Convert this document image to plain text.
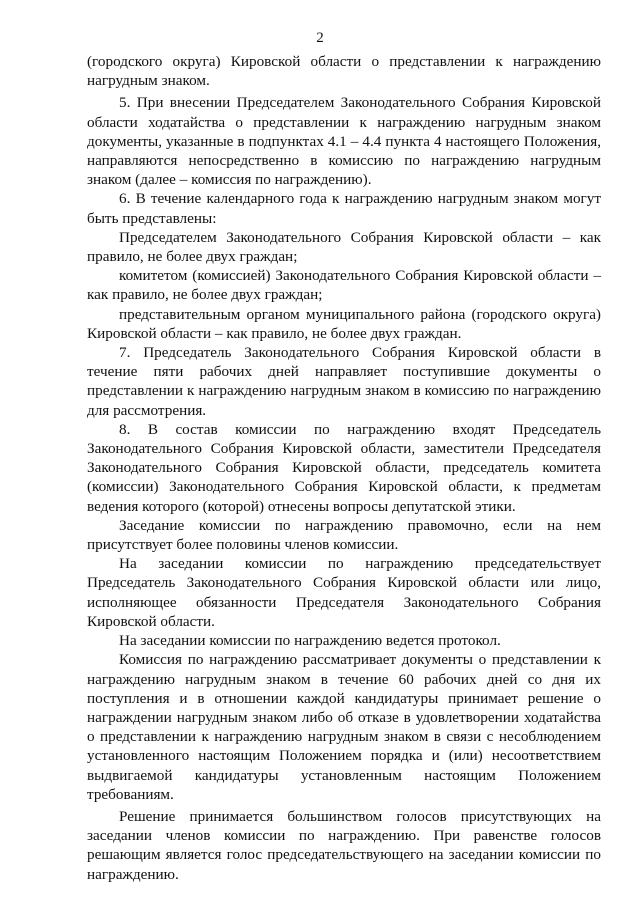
2

(городского округа) Кировской области о представлении к награждению нагрудным знаком.

5. При внесении Председателем Законодательного Собрания Кировской области ходатайства о представлении к награждению нагрудным знаком документы, указанные в подпунктах 4.1 – 4.4 пункта 4 настоящего Положения, направляются непосредственно в комиссию по награждению нагрудным знаком (далее – комиссия по награждению).

6. В течение календарного года к награждению нагрудным знаком могут быть представлены:

Председателем Законодательного Собрания Кировской области – как правило, не более двух граждан;

комитетом (комиссией) Законодательного Собрания Кировской области – как правило, не более двух граждан;

представительным органом муниципального района (городского округа) Кировской области – как правило, не более двух граждан.

7. Председатель Законодательного Собрания Кировской области в течение пяти рабочих дней направляет поступившие документы о представлении к награждению нагрудным знаком в комиссию по награждению для рассмотрения.

8. В состав комиссии по награждению входят Председатель Законодательного Собрания Кировской области, заместители Председателя Законодательного Собрания Кировской области, председатель комитета (комиссии) Законодательного Собрания Кировской области, к предметам ведения которого (которой) отнесены вопросы депутатской этики.

Заседание комиссии по награждению правомочно, если на нем присутствует более половины членов комиссии.

На заседании комиссии по награждению председательствует Председатель Законодательного Собрания Кировской области или лицо, исполняющее обязанности Председателя Законодательного Собрания Кировской области.

На заседании комиссии по награждению ведется протокол.

Комиссия по награждению рассматривает документы о представлении к награждению нагрудным знаком в течение 60 рабочих дней со дня их поступления и в отношении каждой кандидатуры принимает решение о награждении нагрудным знаком либо об отказе в удовлетворении ходатайства о представлении к награждению нагрудным знаком в связи с несоблюдением установленного настоящим Положением порядка и (или) несоответствием выдвигаемой кандидатуры установленным настоящим Положением требованиям.

Решение принимается большинством голосов присутствующих на заседании членов комиссии по награждению. При равенстве голосов решающим является голос председательствующего на заседании комиссии по награждению.
